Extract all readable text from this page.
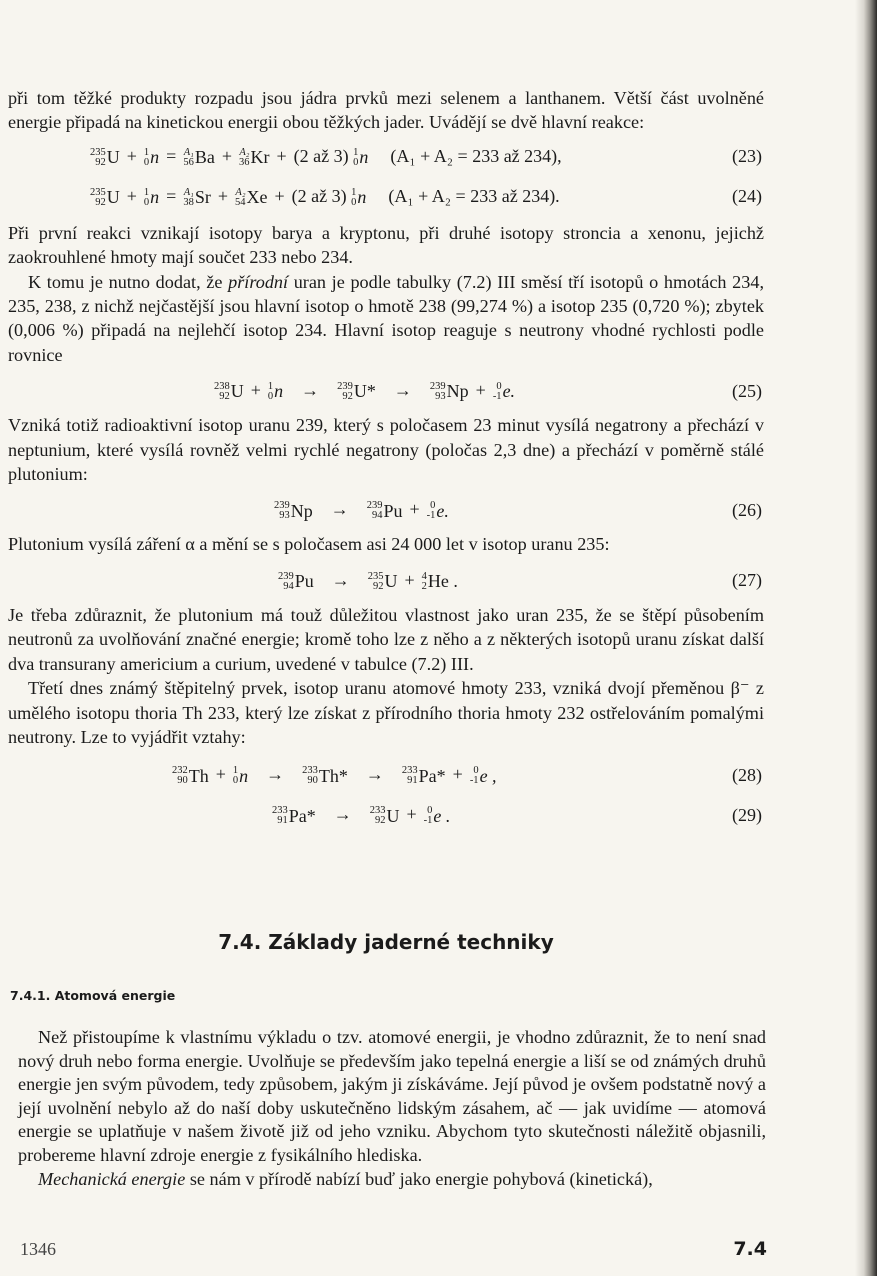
při tom těžké produkty rozpadu jsou jádra prvků mezi selenem a lanthanem. Větší část uvolněné energie připadá na kinetickou energii obou těžkých jader. Uvádějí se dvě hlavní reakce:

235
92 U + 1
0 n = A₁
56 Ba + A₂
36 Kr + (2 až 3) 1
0 n (A₁ + A₂ = 233 až 234),	(23)
235
92 U + 1
0 n = A₁
38 Sr + A₂
54 Xe + (2 až 3) 1
0 n (A₁ + A₂ = 233 až 234).	(24)

Při první reakci vznikají isotopy barya a kryptonu, při druhé isotopy stroncia a xenonu, jejichž zaokrouhlené hmoty mají součet 233 nebo 234.

K tomu je nutno dodat, že přírodní uran je podle tabulky (7.2) III směsí tří isotopů o hmotách 234, 235, 238, z nichž nejčastější jsou hlavní isotop o hmotě 238 (99,274 %) a isotop 235 (0,720 %); zbytek (0,006 %) připadá na nejlehčí isotop 234. Hlavní isotop reaguje s neutrony vhodné rychlosti podle rovnice

238
92 U + 1
0 n → 239
92 U* → 239
93 Np +	0
-1 e.	(25)

Vzniká totiž radioaktivní isotop uranu 239, který s poločasem 23 minut vysílá negatrony a přechází v neptunium, které vysílá rovněž velmi rychlé negatrony (poločas 2,3 dne) a přechází v poměrně stálé plutonium:

239
93 Np → 239
94 Pu +	0
-1 e.	(26)

Plutonium vysílá záření α a mění se s poločasem asi 24 000 let v isotop uranu 235:

239
94 Pu → 235
92 U + 4
2 He .	(27)

Je třeba zdůraznit, že plutonium má touž důležitou vlastnost jako uran 235, že se štěpí působením neutronů za uvolňování značné energie; kromě toho lze z něho a z některých isotopů uranu získat další dva transurany americium a curium, uvedené v tabulce (7.2) III.

Třetí dnes známý štěpitelný prvek, isotop uranu atomové hmoty 233, vzniká dvojí přeměnou β⁻ z umělého isotopu thoria Th 233, který lze získat z přírodního thoria hmoty 232 ostřelováním pomalými neutrony. Lze to vyjádřit vztahy:

232
90 Th + 1
0 n → 233
90 Th* → 233
91 Pa* +	0
-1 e ,	(28)
233
91 Pa* → 233
92 U +	0
-1 e .	(29)
7.4. Základy jaderné techniky
7.4.1. Atomová energie

Než přistoupíme k vlastnímu výkladu o tzv. atomové energii, je vhodno zdůraznit, že to není snad nový druh nebo forma energie. Uvolňuje se především jako tepelná energie a liší se od známých druhů energie jen svým původem, tedy způsobem, jakým ji získáváme. Její původ je ovšem podstatně nový a její uvolnění nebylo až do naší doby uskutečněno lidským zásahem, ač — jak uvidíme — atomová energie se uplatňuje v našem životě již od jeho vzniku. Abychom tyto skutečnosti náležitě objasnili, probereme hlavní zdroje energie z fysikálního hlediska.

Mechanická energie se nám v přírodě nabízí buď jako energie pohybová (kinetická),

1346	7.4
